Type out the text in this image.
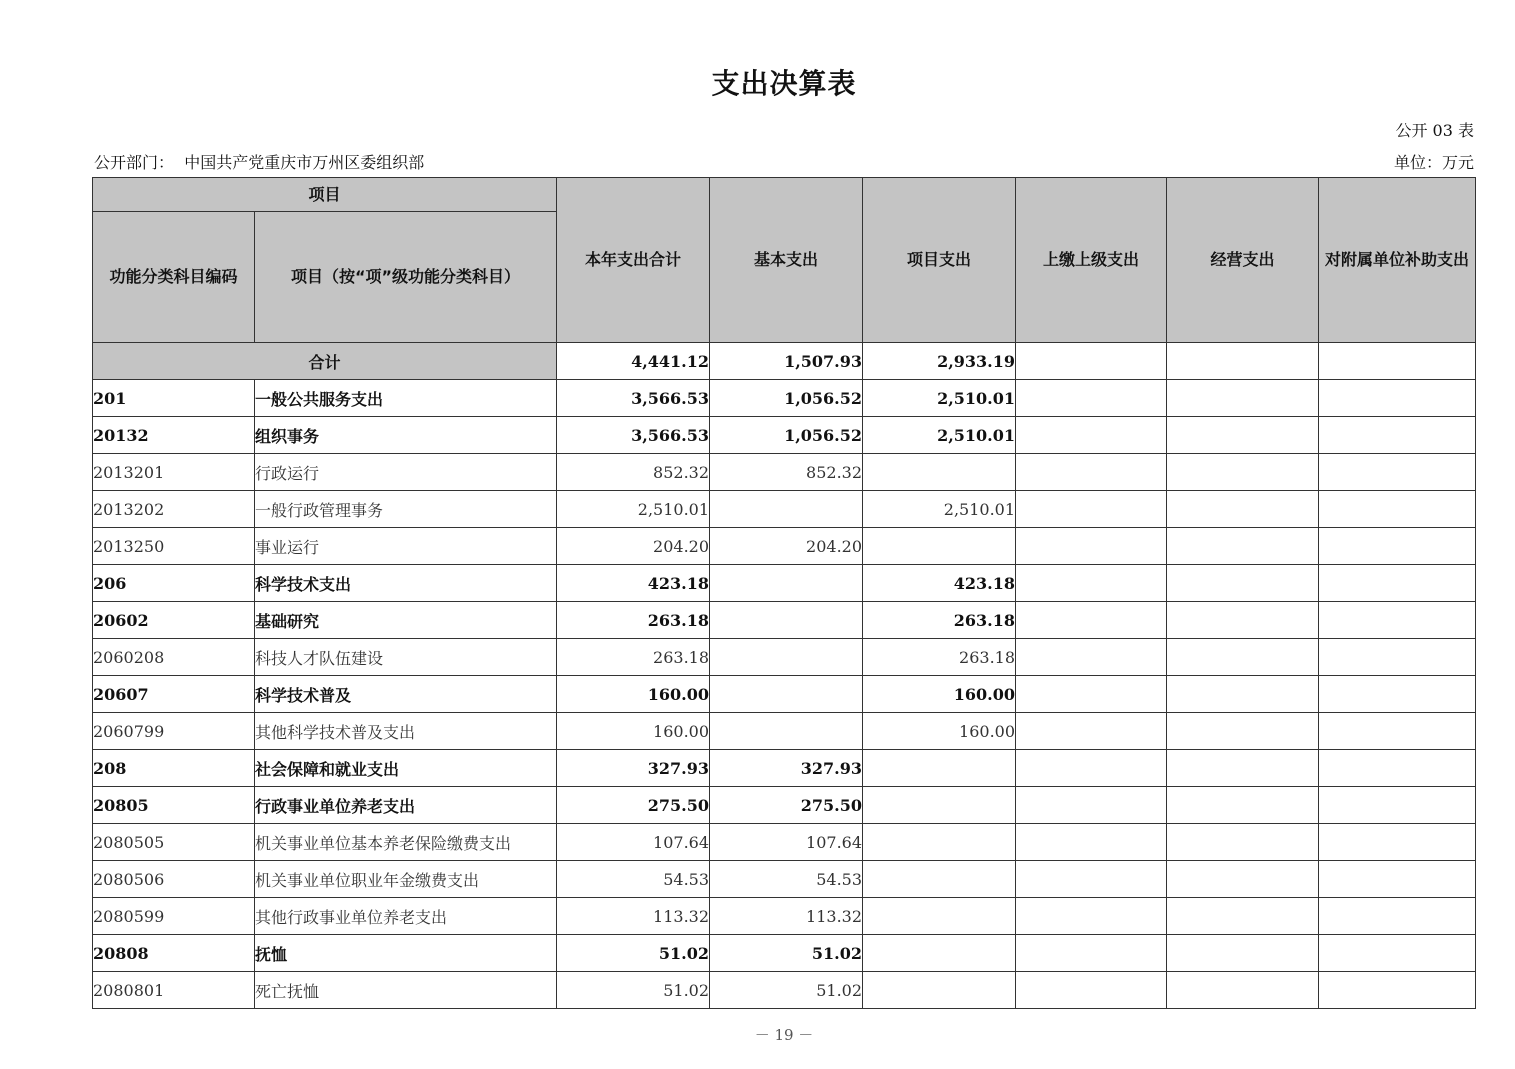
支出决算表
公开 03 表
公开部门： 中国共产党重庆市万州区委组织部	单位：万元
项目		本年支出合计	基本支出	项目支出	上缴上级支出	经营支出	对附属单位补助支出
功能分类科目编码	项目（按“项”级功能分类科目）						
合计		4,441.12	1,507.93	2,933.19			
201	一般公共服务支出	3,566.53	1,056.52	2,510.01			
20132	组织事务	3,566.53	1,056.52	2,510.01			
2013201	行政运行	852.32	852.32				
2013202	一般行政管理事务	2,510.01		2,510.01			
2013250	事业运行	204.20	204.20				
206	科学技术支出	423.18		423.18			
20602	基础研究	263.18		263.18			
2060208	科技人才队伍建设	263.18		263.18			
20607	科学技术普及	160.00		160.00			
2060799	其他科学技术普及支出	160.00		160.00			
208	社会保障和就业支出	327.93	327.93				
20805	行政事业单位养老支出	275.50	275.50				
2080505	机关事业单位基本养老保险缴费支出	107.64	107.64				
2080506	机关事业单位职业年金缴费支出	54.53	54.53				
2080599	其他行政事业单位养老支出	113.32	113.32				
20808	抚恤	51.02	51.02				
2080801	死亡抚恤	51.02	51.02				
－ 19 －
